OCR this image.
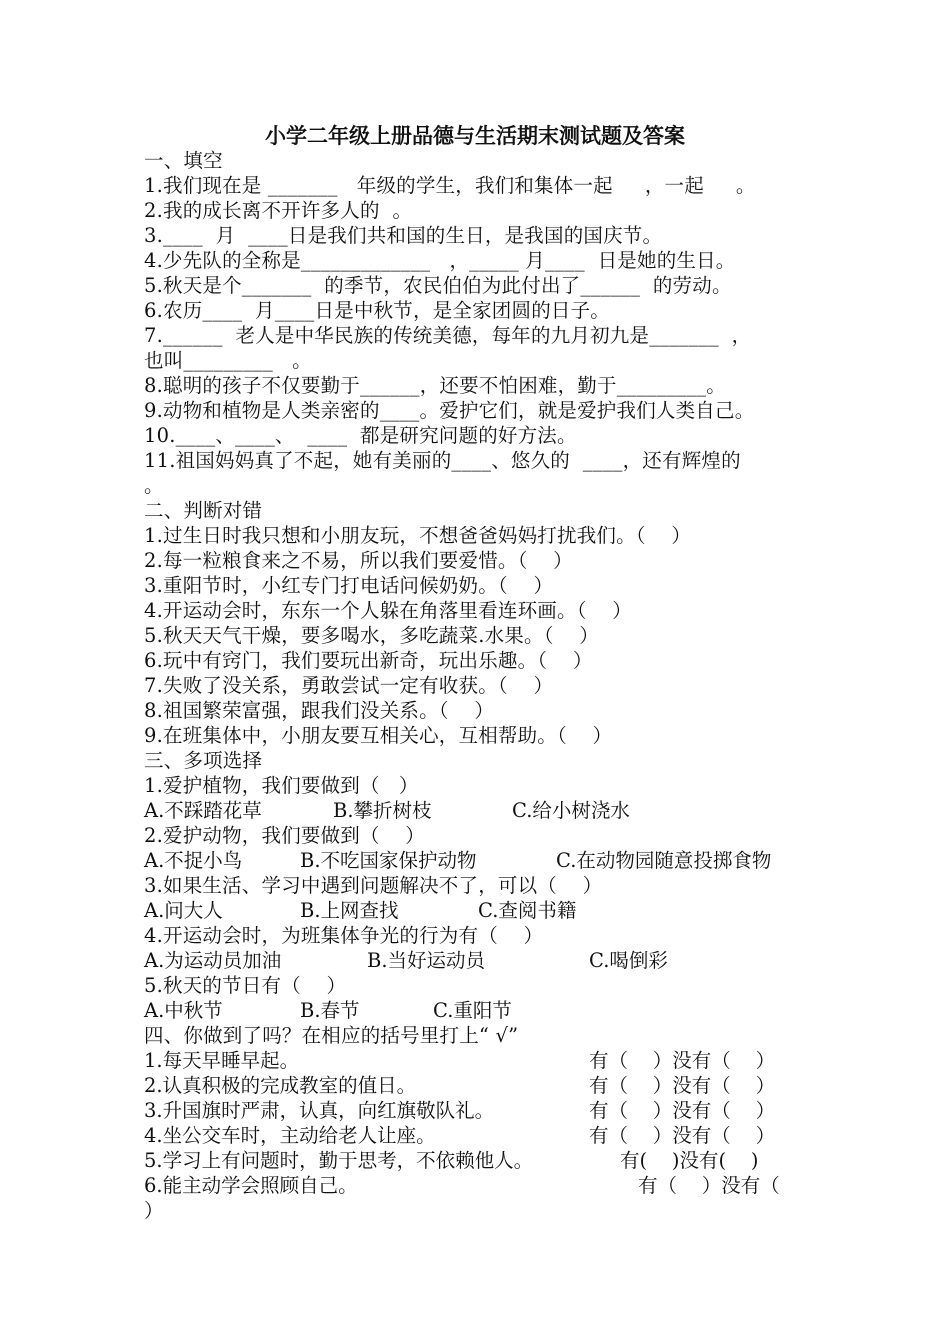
小学二年级上册品德与生活期末测试题及答案
一、填空
1.我们现在是 _______   年级的学生，我们和集体一起     ，一起     。
2.我的成长离不开许多人的  。
3.____  月  ____日是我们共和国的生日，是我国的国庆节。
4.少先队的全称是_____________   ，_____ 月____  日是她的生日。
5.秋天是个_______  的季节，农民伯伯为此付出了______  的劳动。
6.农历____  月____日是中秋节，是全家团圆的日子。
7.______  老人是中华民族的传统美德，每年的九月初九是_______  ，
也叫_________   。
8.聪明的孩子不仅要勤于______，还要不怕困难，勤于_________。
9.动物和植物是人类亲密的____。爱护它们，就是爱护我们人类自己。
10.____、____、  ____  都是研究问题的好方法。
11.祖国妈妈真了不起，她有美丽的____、悠久的  ____，还有辉煌的
。
二、判断对错
1.过生日时我只想和小朋友玩，不想爸爸妈妈打扰我们。（    ）
2.每一粒粮食来之不易，所以我们要爱惜。（    ）
3.重阳节时，小红专门打电话问候奶奶。（    ）
4.开运动会时，东东一个人躲在角落里看连环画。（    ）
5.秋天天气干燥，要多喝水，多吃蔬菜.水果。（    ）
6.玩中有窍门，我们要玩出新奇，玩出乐趣。（    ）
7.失败了没关系，勇敢尝试一定有收获。（    ）
8.祖国繁荣富强，跟我们没关系。（    ）
9.在班集体中，小朋友要互相关心，互相帮助。（    ）
三、多项选择
1.爱护植物，我们要做到（   ）
A.不踩踏花草	B.攀折树枝	C.给小树浇水
2.爱护动物，我们要做到（    ）
A.不捉小鸟	B.不吃国家保护动物	C.在动物园随意投掷食物
3.如果生活、学习中遇到问题解决不了，可以（    ）
A.问大人	B.上网查找	C.查阅书籍
4.开运动会时，为班集体争光的行为有（    ）
A.为运动员加油	B.当好运动员	C.喝倒彩
5.秋天的节日有（    ）
A.中秋节	B.春节	C.重阳节
四、你做到了吗？在相应的括号里打上“ √”
1.每天早睡早起。	有（    ）没有（    ）
2.认真积极的完成教室的值日。	有（    ）没有（    ）
3.升国旗时严肃，认真，向红旗敬队礼。	有（    ）没有（    ）
4.坐公交车时，主动给老人让座。	有（    ）没有（    ）
5.学习上有问题时，勤于思考，不依赖他人。	有(    )没有(    )
6.能主动学会照顾自己。	有（    ）没有（
）
